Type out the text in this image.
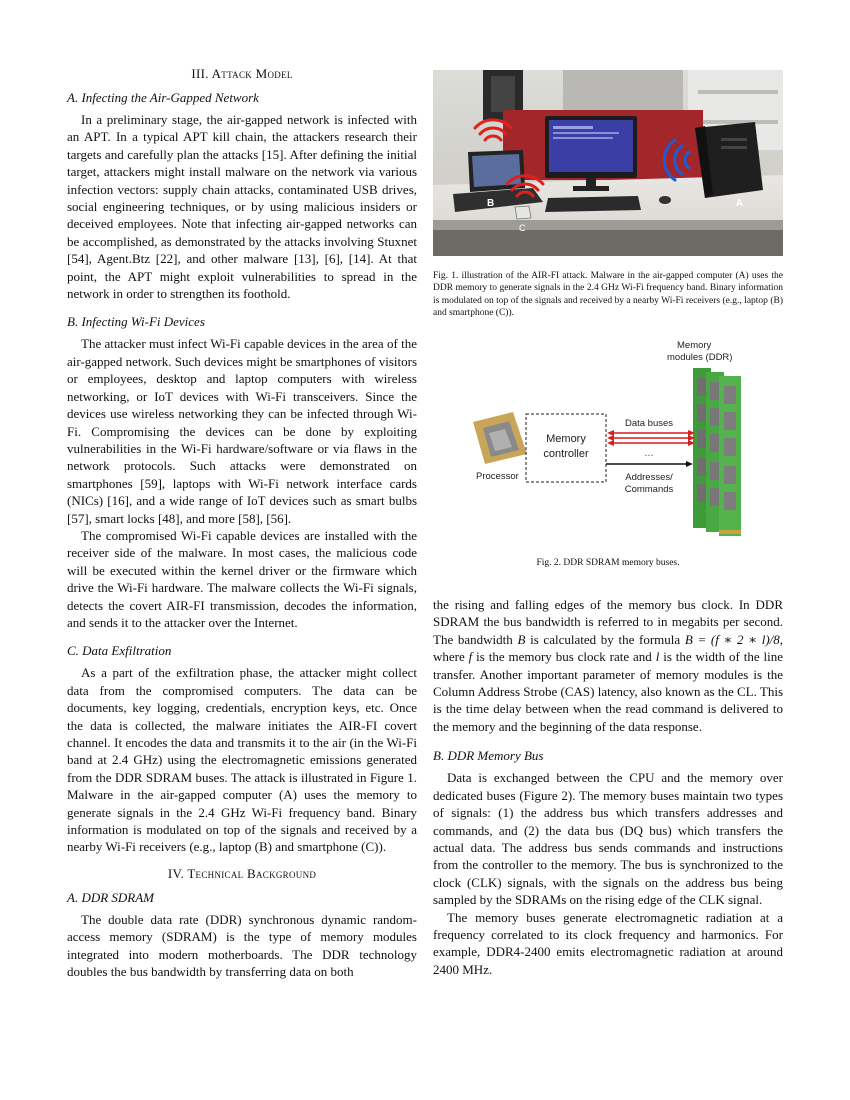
III. Attack Model
A. Infecting the Air-Gapped Network

In a preliminary stage, the air-gapped network is infected with an APT. In a typical APT kill chain, the attackers research their targets and carefully plan the attacks [15]. After defining the initial target, attackers might install malware on the network via various infection vectors: supply chain attacks, contaminated USB drives, social engineering techniques, or by using malicious insiders or deceived employees. Note that infecting air-gapped networks can be accomplished, as demonstrated by the attacks involving Stuxnet [54], Agent.Btz [22], and other malware [13], [6], [14]. At that point, the APT might exploit vulnerabilities to spread in the network in order to strengthen its foothold.

B. Infecting Wi-Fi Devices

The attacker must infect Wi-Fi capable devices in the area of the air-gapped network. Such devices might be smartphones of visitors or employees, desktop and laptop computers with wireless networking, or IoT devices with Wi-Fi transceivers. Since the devices use wireless networking they can be infected through Wi-Fi. Compromising the devices can be done by exploiting vulnerabilities in the Wi-Fi hardware/software or via flaws in the network protocols. Such attacks were demonstrated on smartphones [59], laptops with Wi-Fi network interface cards (NICs) [16], and a wide range of IoT devices such as smart bulbs [57], smart locks [48], and more [58], [56].

The compromised Wi-Fi capable devices are installed with the receiver side of the malware. In most cases, the malicious code will be executed within the kernel driver or the firmware which drive the Wi-Fi hardware. The malware collects the Wi-Fi signals, detects the covert AIR-FI transmission, decodes the information, and sends it to the attacker over the Internet.

C. Data Exfiltration

As a part of the exfiltration phase, the attacker might collect data from the compromised computers. The data can be documents, key logging, credentials, encryption keys, etc. Once the data is collected, the malware initiates the AIR-FI covert channel. It encodes the data and transmits it to the air (in the Wi-Fi band at 2.4 GHz) using the electromagnetic emissions generated from the DDR SDRAM buses. The attack is illustrated in Figure 1. Malware in the air-gapped computer (A) uses the memory to generate signals in the 2.4 GHz Wi-Fi frequency band. Binary information is modulated on top of the signals and received by a nearby Wi-Fi receivers (e.g., laptop (B) and smartphone (C)).

IV. Technical Background
A. DDR SDRAM

The double data rate (DDR) synchronous dynamic random-access memory (SDRAM) is the type of memory modules integrated into modern motherboards. The DDR technology doubles the bus bandwidth by transferring data on both

B
C
A

Fig. 1. illustration of the AIR-FI attack. Malware in the air-gapped computer (A) uses the DDR memory to generate signals in the 2.4 GHz Wi-Fi frequency band. Binary information is modulated on top of the signals and received by a nearby Wi-Fi receivers (e.g., laptop (B) and smartphone (C)).

Memory
modules (DDR)
Processor
Memory
controller
Data buses
...
Addresses/
Commands

Fig. 2. DDR SDRAM memory buses.

the rising and falling edges of the memory bus clock. In DDR SDRAM the bus bandwidth is referred to in megabits per second. The bandwidth B is calculated by the formula B = (f ∗ 2 ∗ l)/8, where f is the memory bus clock rate and l is the width of the line transfer. Another important parameter of memory modules is the Column Address Strobe (CAS) latency, also known as the CL. This is the time delay between when the read command is delivered to the memory and the beginning of the data response.

B. DDR Memory Bus

Data is exchanged between the CPU and the memory over dedicated buses (Figure 2). The memory buses maintain two types of signals: (1) the address bus which transfers addresses and commands, and (2) the data bus (DQ bus) which transfers the actual data. The address bus sends commands and instructions from the controller to the memory. The bus is synchronized to the clock (CLK) signals, with the signals on the address bus being sampled by the SDRAMs on the rising edge of the CLK signal.

The memory buses generate electromagnetic radiation at a frequency correlated to its clock frequency and harmonics. For example, DDR4-2400 emits electromagnetic radiation at around 2400 MHz.
